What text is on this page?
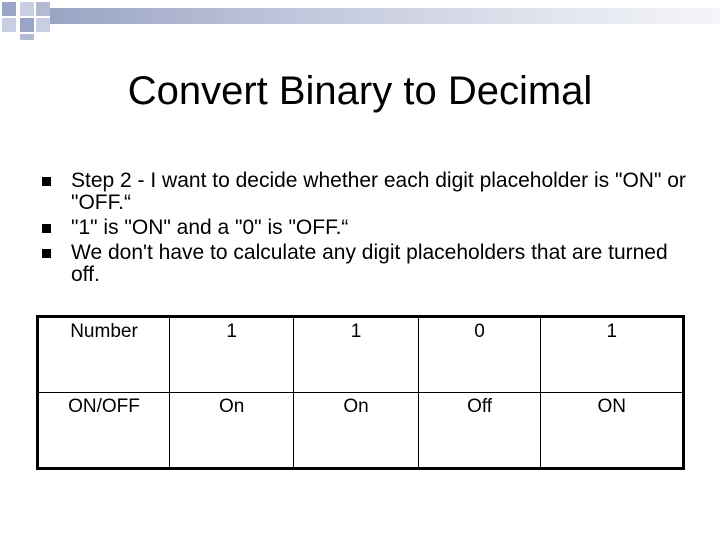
Convert Binary to Decimal
Step 2 - I want to decide whether each digit placeholder is "ON" or "OFF.“
"1" is "ON" and a "0" is "OFF.“
We don't have to calculate any digit placeholders that are turned off.
Number	1	1	0	1
ON/OFF	On	On	Off	ON
